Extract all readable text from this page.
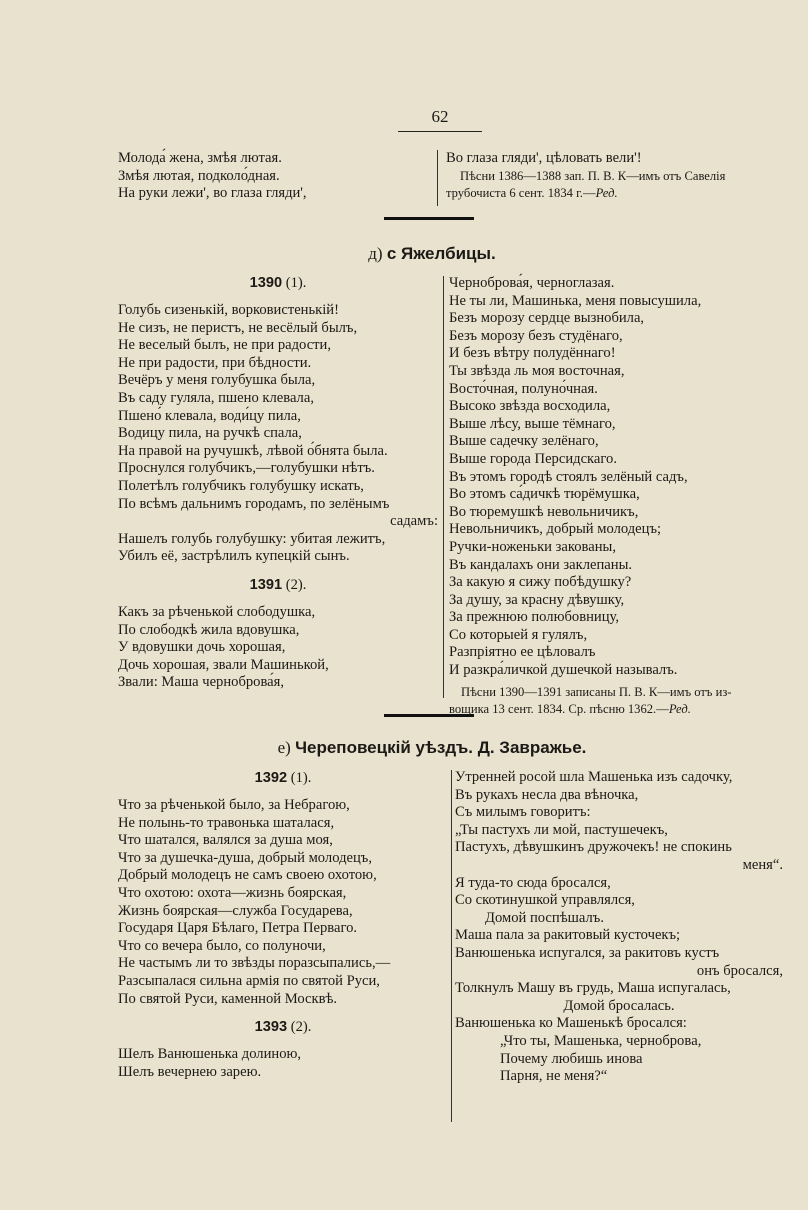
62
Молода́ жена, змѣя лютая.
Змѣя лютая, подколо́дная.
На руки лежи', во глаза гляди',
Во глаза гляди', цѣловать вели'!
Пѣсни 1386—1388 зап. П. В. К—имъ отъ Савелія
трубочиста 6 сент. 1834 г.—Ред.
д) с Яжелбицы.
1390 (1).
Голубь сизенькій, ворковистенькій!
Не сизъ, не перистъ, не весёлый былъ,
Не веселый былъ, не при радости,
Не при радости, при бѣдности.
Вечёръ у меня голубушка была,
Въ саду гуляла, пшено клевала,
Пшено́ клевала, води́цу пила,
Водицу пила, на ручкѣ спала,
На правой на ручушкѣ, лѣвой о́бнята была.
Проснулся голубчикъ,—голубушки нѣтъ.
Полетѣлъ голубчикъ голубушку искать,
По всѣмъ дальнимъ городамъ, по зелёнымъ
садамъ:
Нашелъ голубь голубушку: убитая лежитъ,
Убилъ её, застрѣлилъ купецкій сынъ.
1391 (2).
Какъ за рѣченькой слободушка,
По слободкѣ жила вдовушка,
У вдовушки дочь хорошая,
Дочь хорошая, звали Машинькой,
Звали: Маша черноброва́я,
Черноброва́я, черноглазая.
Не ты ли, Машинька, меня повысушила,
Безъ морозу сердце вызнобила,
Безъ морозу безъ студёнаго,
И безъ вѣтру полудённаго!
Ты звѣзда ль моя восточная,
Восто́чная, полуно́чная.
Высоко звѣзда восходила,
Выше лѣсу, выше тёмнаго,
Выше садечку зелёнаго,
Выше города Персидскаго.
Въ этомъ городѣ стоялъ зелёный садъ,
Во этомъ са́дичкѣ тюрёмушка,
Во тюремушкѣ невольничикъ,
Невольничикъ, добрый молодецъ;
Ручки-ноженьки закованы,
Въ кандалахъ они заклепаны.
За какую я сижу побѣдушку?
За душу, за красну дѣвушку,
За прежнюю полюбовницу,
Со которыей я гулялъ,
Разпріятно ее цѣловалъ
И разкра́личкой душечкой называлъ.
Пѣсни 1390—1391 записаны П. В. К—имъ отъ из-
вощика 13 сент. 1834. Ср. пѣсню 1362.—Ред.
е) Череповецкій уѣздъ. Д. Завражье.
1392 (1).
Что за рѣченькой было, за Небрагою,
Не полынь-то травонька шаталася,
Что шатался, валялся за душа моя,
Что за душечка-душа, добрый молодецъ,
Добрый молодецъ не самъ своею охотою,
Что охотою: охота—жизнь боярская,
Жизнь боярская—служба Государева,
Государя Царя Бѣлаго, Петра Перваго.
Что со вечера было, со полуночи,
Не частымъ ли то звѣзды поразсыпались,—
Разсыпалася сильна армія по святой Руси,
По святой Руси, каменной Москвѣ.
1393 (2).
Шелъ Ванюшенька долиною,
Шелъ вечернею зарею.
Утренней росой шла Машенька изъ садочку,
Въ рукахъ несла два вѣночка,
Съ милымъ говоритъ:
„Ты пастухъ ли мой, пастушечекъ,
Пастухъ, дѣвушкинъ дружочекъ! не спокинь
меня“.
Я туда-то сюда бросался,
Со скотинушкой управлялся,
Домой поспѣшалъ.
Маша пала за ракитовый кусточекъ;
Ванюшенька испугался, за ракитовъ кустъ
онъ бросался,
Толкнулъ Машу въ грудь, Маша испугалась,
Домой бросалась.
Ванюшенька ко Машенькѣ бросался:
„Что ты, Машенька, чернобровa,
Почему любишь инова
Парня, не меня?“
